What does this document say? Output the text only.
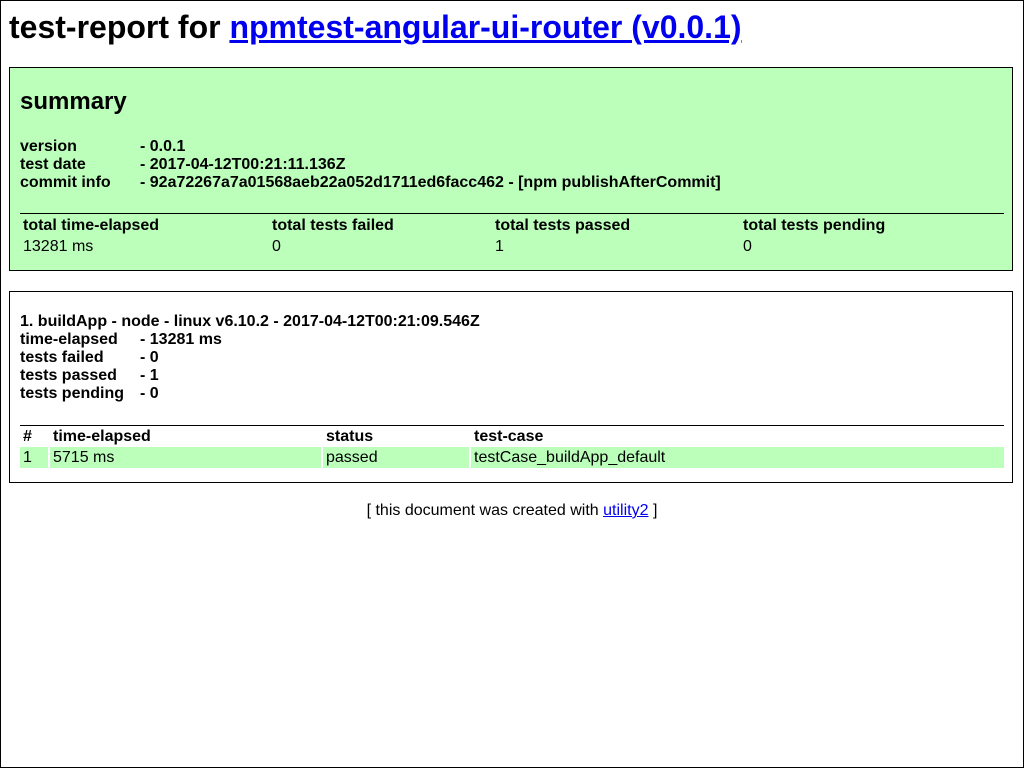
test-report for npmtest-angular-ui-router (v0.0.1)
summary
version	- 0.0.1
test date	- 2017-04-12T00:21:11.136Z
commit info	- 92a72267a7a01568aeb22a052d1711ed6facc462 - [npm publishAfterCommit]
total time-elapsed	total tests failed	total tests passed	total tests pending
13281 ms	0	1	0
1. buildApp - node - linux v6.10.2 - 2017-04-12T00:21:09.546Z
time-elapsed	- 13281 ms
tests failed	- 0
tests passed	- 1
tests pending - 0
#	time-elapsed	status	test-case
1	5715 ms	passed	testCase_buildApp_default
[ this document was created with utility2 ]
